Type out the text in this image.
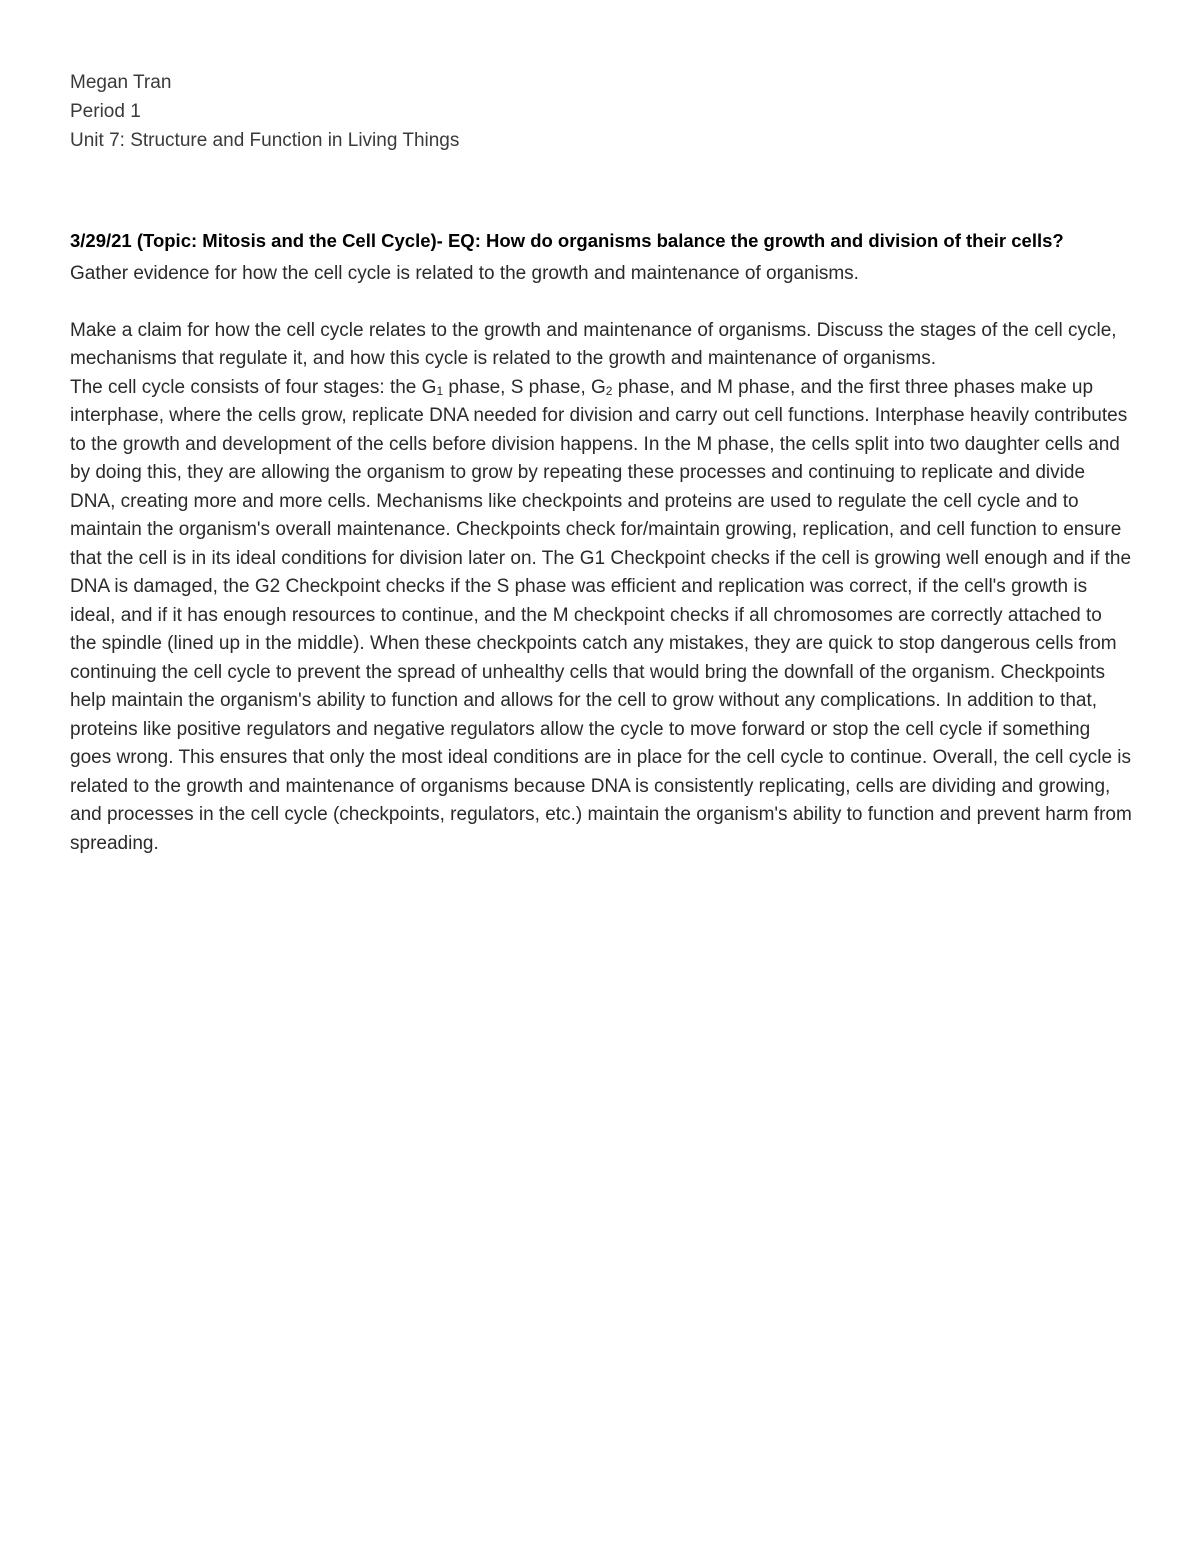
Megan Tran

Period 1

Unit 7: Structure and Function in Living Things

3/29/21 (Topic: Mitosis and the Cell Cycle)- EQ: How do organisms balance the growth and division of their cells?

Gather evidence for how the cell cycle is related to the growth and maintenance of organisms.

Make a claim for how the cell cycle relates to the growth and maintenance of organisms. Discuss the stages of the cell cycle, mechanisms that regulate it, and how this cycle is related to the growth and maintenance of organisms.

The cell cycle consists of four stages: the $G_1$ phase, S phase, $G_2$ phase, and M phase, and the first three phases make up interphase, where the cells grow, replicate DNA needed for division and carry out cell functions. Interphase heavily contributes to the growth and development of the cells before division happens. In the M phase, the cells split into two daughter cells and by doing this, they are allowing the organism to grow by repeating these processes and continuing to replicate and divide DNA, creating more and more cells. Mechanisms like checkpoints and proteins are used to regulate the cell cycle and to maintain the organism's overall maintenance. Checkpoints check for/maintain growing, replication, and cell function to ensure that the cell is in its ideal conditions for division later on. The G1 Checkpoint checks if the cell is growing well enough and if the DNA is damaged, the G2 Checkpoint checks if the S phase was efficient and replication was correct, if the cell's growth is ideal, and if it has enough resources to continue, and the M checkpoint checks if all chromosomes are correctly attached to the spindle (lined up in the middle). When these checkpoints catch any mistakes, they are quick to stop dangerous cells from continuing the cell cycle to prevent the spread of unhealthy cells that would bring the downfall of the organism. Checkpoints help maintain the organism's ability to function and allows for the cell to grow without any complications. In addition to that, proteins like positive regulators and negative regulators allow the cycle to move forward or stop the cell cycle if something goes wrong. This ensures that only the most ideal conditions are in place for the cell cycle to continue. Overall, the cell cycle is related to the growth and maintenance of organisms because DNA is consistently replicating, cells are dividing and growing, and processes in the cell cycle (checkpoints, regulators, etc.) maintain the organism's ability to function and prevent harm from spreading.
